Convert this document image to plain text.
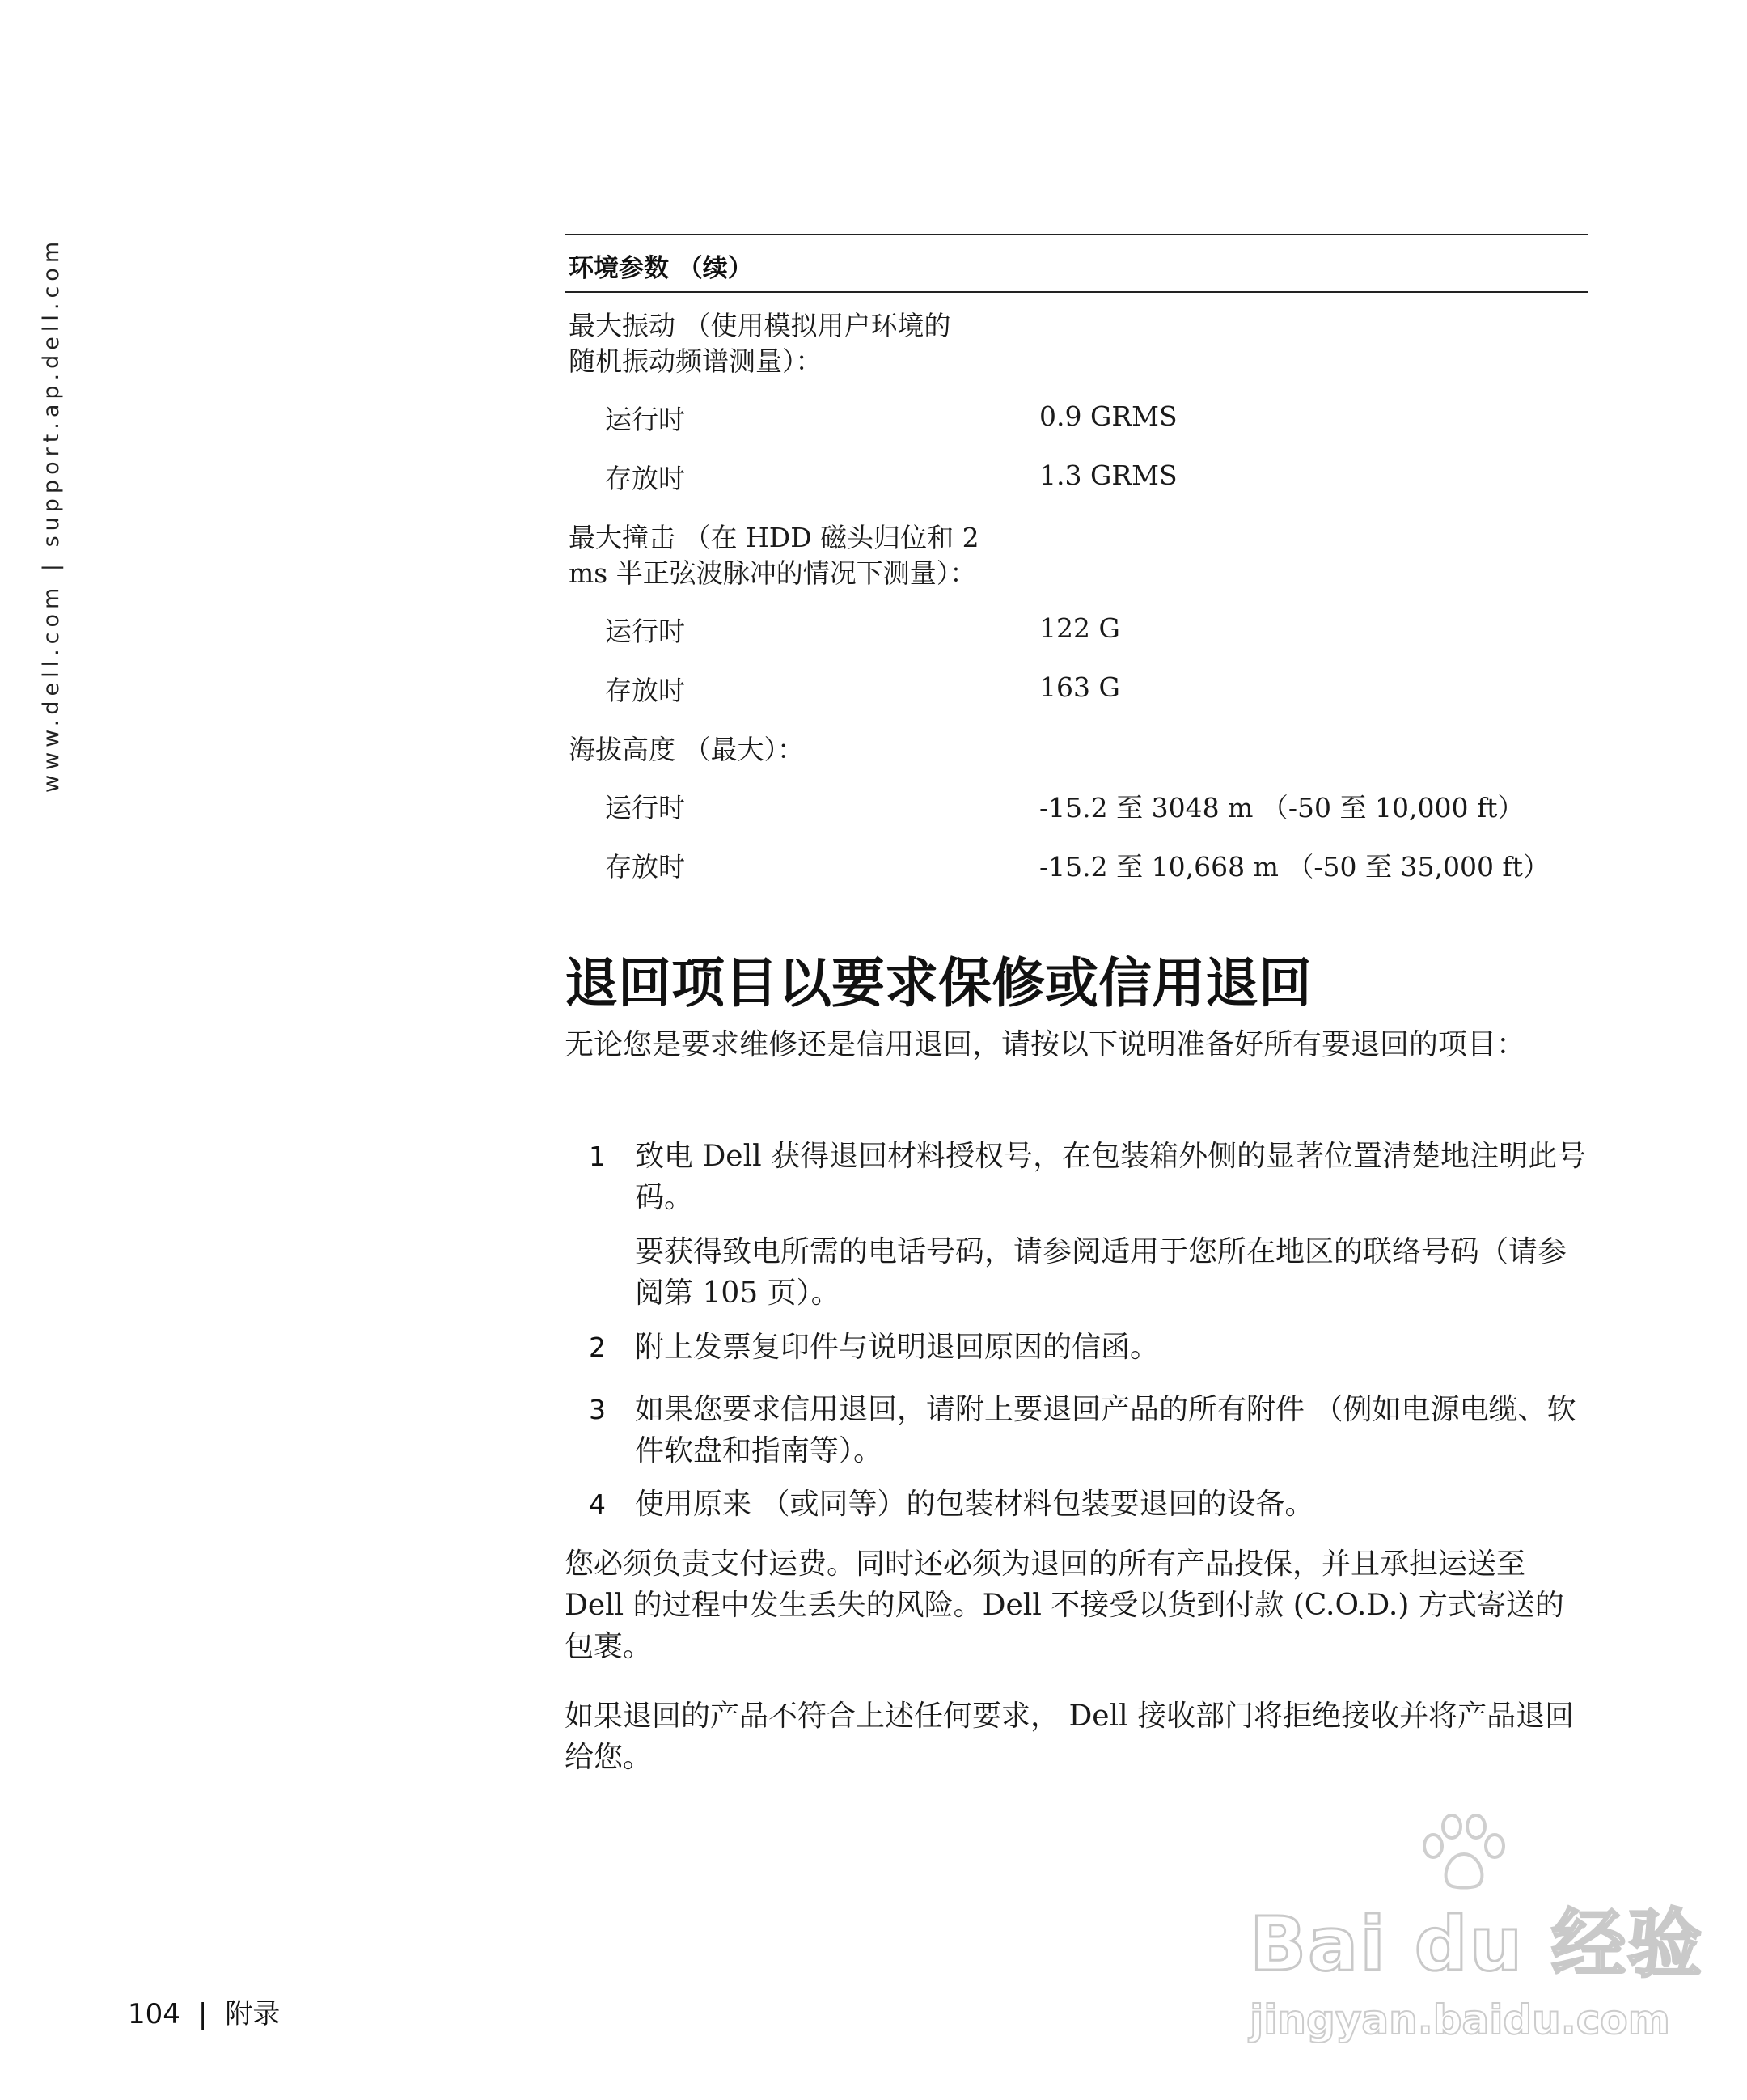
www.dell.com | support.ap.dell.com	环境参数 （续）
最大振动 （使用模拟用户环境的
随机振动频谱测量）：
运行时	0.9 GRMS
存放时	1.3 GRMS
最大撞击 （在 HDD 磁头归位和 2
ms 半正弦波脉冲的情况下测量）：
运行时	122 G
存放时	163 G
海拔高度 （最大）：
运行时	-15.2 至 3048 m （-50 至 10,000 ft）
存放时	-15.2 至 10,668 m （-50 至 35,000 ft）
退回项目以要求保修或信用退回

无论您是要求维修还是信用退回，请按以下说明准备好所有要退回的项目：

1 致电 Dell 获得退回材料授权号，在包装箱外侧的显著位置清楚地注明此号码。

要获得致电所需的电话号码，请参阅适用于您所在地区的联络号码（请参阅第 105 页）。

2 附上发票复印件与说明退回原因的信函。

3 如果您要求信用退回，请附上要退回产品的所有附件 （例如电源电缆、软件软盘和指南等）。

4 使用原来 （或同等）的包装材料包装要退回的设备。

您必须负责支付运费。同时还必须为退回的所有产品投保，并且承担运送至 Dell 的过程中发生丢失的风险。Dell 不接受以货到付款 (C.O.D.) 方式寄送的包裹。

如果退回的产品不符合上述任何要求， Dell 接收部门将拒绝接收并将产品退回给您。

104 | 附录
Bai du 经验
jingyan.baidu.com
